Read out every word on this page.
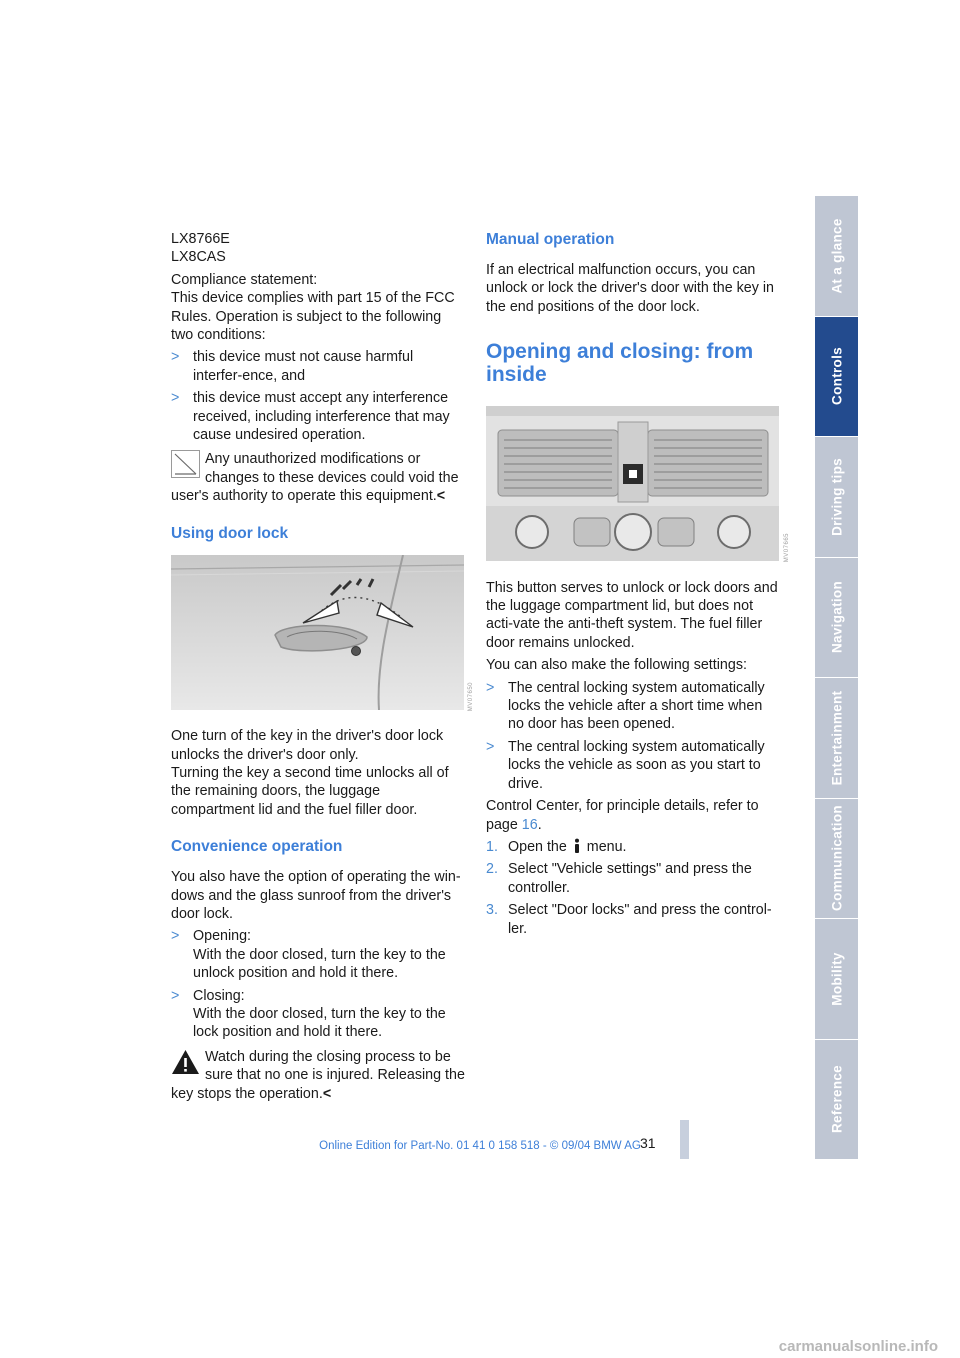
LX8766E
LX8CAS
Compliance statement:
This device complies with part 15 of the FCC Rules. Operation is subject to the following two conditions:
> this device must not cause harmful interfer-ence, and
> this device must accept any interference received, including interference that may cause undesired operation.
Any unauthorized modifications or changes to these devices could void the
user's authority to operate this equipment.<
Using door lock
MV07650
One turn of the key in the driver's door lock unlocks the driver's door only.
Turning the key a second time unlocks all of the remaining doors, the luggage compartment lid and the fuel filler door.
Convenience operation
You also have the option of operating the win-dows and the glass sunroof from the driver's door lock.
> Opening:
With the door closed, turn the key to the unlock position and hold it there.
> Closing:
With the door closed, turn the key to the lock position and hold it there.
Watch during the closing process to be sure that no one is injured. Releasing the
key stops the operation.<
Manual operation
If an electrical malfunction occurs, you can unlock or lock the driver's door with the key in the end positions of the door lock.
Opening and closing: from inside
MV07665
This button serves to unlock or lock doors and the luggage compartment lid, but does not acti-vate the anti-theft system. The fuel filler door remains unlocked.
You can also make the following settings:
> The central locking system automatically locks the vehicle after a short time when no door has been opened.
> The central locking system automatically locks the vehicle as soon as you start to drive.
Control Center, for principle details, refer to page 16.
1. Open the menu.
2. Select "Vehicle settings" and press the controller.
3. Select "Door locks" and press the control-ler.
At a glance
Controls
Driving tips
Navigation
Entertainment
Communication
Mobility
Reference
31
Online Edition for Part-No. 01 41 0 158 518 - © 09/04 BMW AG
carmanualsonline.info
